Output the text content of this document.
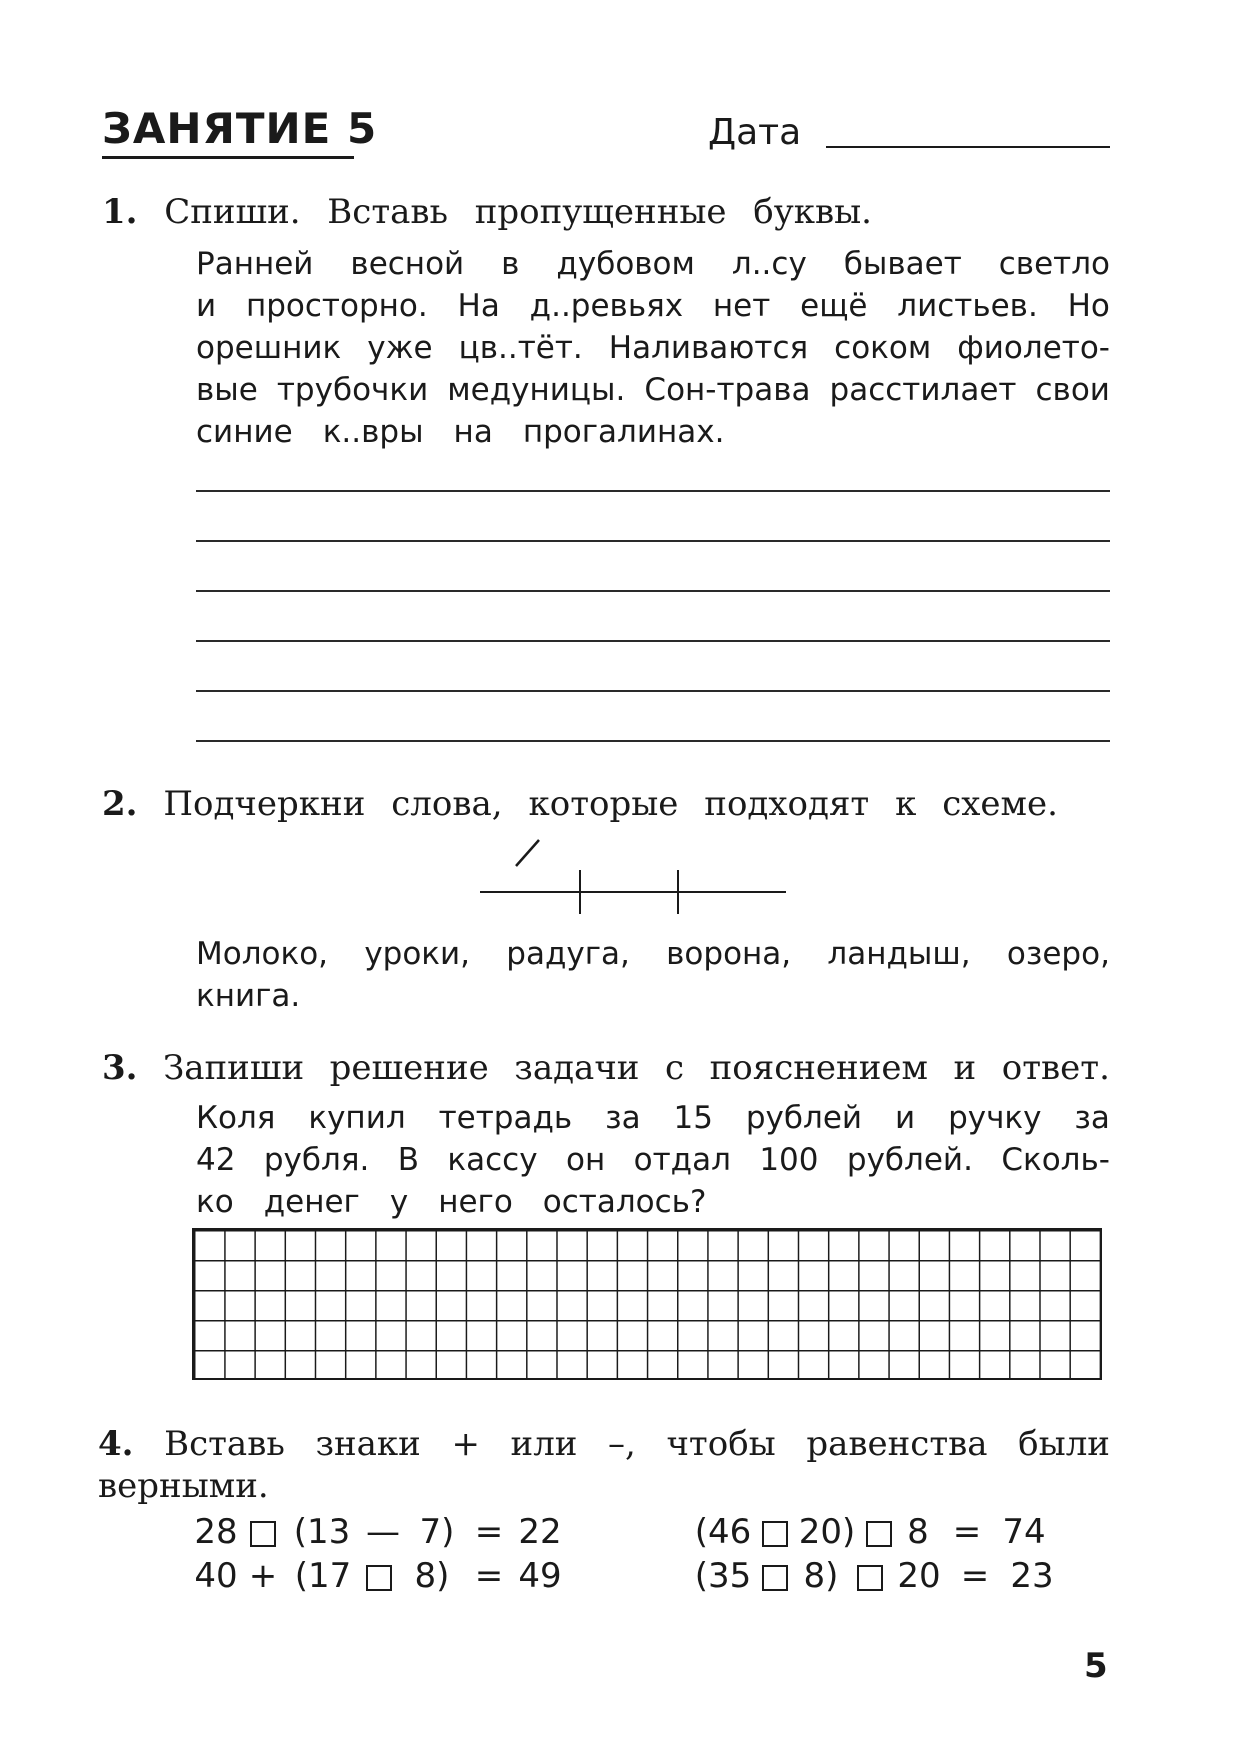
ЗАНЯТИЕ 5	Дата
1. Спиши. Вставь пропущенные буквы.
Ранней весной в дубовом л..су бывает светло
и просторно. На д..ревьях нет ещё листьев. Но
орешник уже цв..тёт. Наливаются соком фиолето-
вые трубочки медуницы. Сон-трава расстилает свои
синие к..вры на прогалинах.
2. Подчеркни слова, которые подходят к схеме.
Молоко, уроки, радуга, ворона, ландыш, озеро,
книга.
3. Запиши решение задачи с пояснением и ответ.
Коля купил тетрадь за 15 рублей и ручку за
42 рубля. В кассу он отдал 100 рублей. Сколь-
ко денег у него осталось?
4. Вставь знаки + или –, чтобы равенства были
верными.
28 (13 — 7) = 22	(46 20) 8 = 74
40 + (17	8) = 49	(35 8) 20 = 23
5
